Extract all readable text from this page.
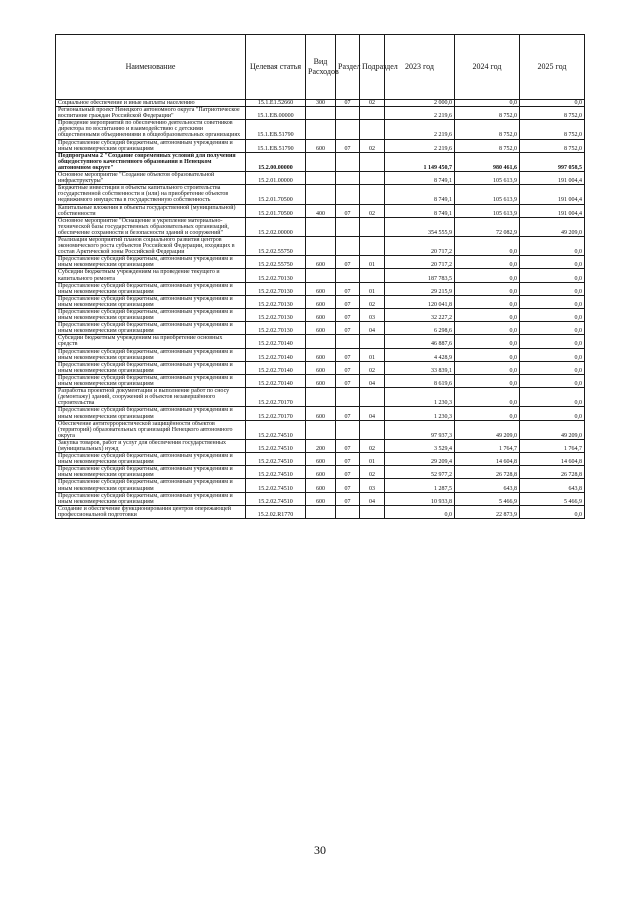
Наименование	Целевая статья	Вид Расходов	Раздел	Подраздел	2023 год	2024 год	2025 год
Социальное обеспечение и иные выплаты населению	15.1.Е1.52660	300	07	02	2 000,0	0,0	0,0
Региональный проект Ненецкого автономного округа "Патриотическое воспитание граждан Российской Федерации"	15.1.ЕВ.00000				2 219,6	8 752,0	8 752,0
Проведение мероприятий по обеспечению деятельности советников директора по воспитанию и взаимодействию с детскими общественными объединениями в общеобразовательных организациях	15.1.ЕВ.51790				2 219,6	8 752,0	8 752,0
Предоставление субсидий бюджетным, автономным учреждениям и иным некоммерческим организациям	15.1.ЕВ.51790	600	07	02	2 219,6	8 752,0	8 752,0
Подпрограмма 2 "Создание современных условий для получения общедоступного качественного образования в Ненецком автономном округе"	15.2.00.00000				1 149 450,7	980 461,6	997 058,5
Основное мероприятие "Создание объектов образовательной инфраструктуры"	15.2.01.00000				8 749,1	105 613,9	191 004,4
Бюджетные инвестиции в объекты капитального строительства государственной собственности и (или) на приобретение объектов недвижимого имущества в государственную собственность	15.2.01.70500				8 749,1	105 613,9	191 004,4
Капитальные вложения в объекты государственной (муниципальной) собственности	15.2.01.70500	400	07	02	8 749,1	105 613,9	191 004,4
Основное мероприятие "Оснащение и укрепление материально-технической базы государственных образовательных организаций, обеспечение сохранности и безопасности зданий и сооружений"	15.2.02.00000				354 555,9	72 082,9	49 209,0
Реализация мероприятий планов социального развития центров экономического роста субъектов Российской Федерации, входящих в состав Арктической зоны Российской Федерации	15.2.02.55750				20 717,2	0,0	0,0
Предоставление субсидий бюджетным, автономным учреждениям и иным некоммерческим организациям	15.2.02.55750	600	07	01	20 717,2	0,0	0,0
Субсидии бюджетным учреждениям на проведение текущего и капитального ремонта	15.2.02.70130				187 783,5	0,0	0,0
Предоставление субсидий бюджетным, автономным учреждениям и иным некоммерческим организациям	15.2.02.70130	600	07	01	29 215,9	0,0	0,0
Предоставление субсидий бюджетным, автономным учреждениям и иным некоммерческим организациям	15.2.02.70130	600	07	02	120 041,8	0,0	0,0
Предоставление субсидий бюджетным, автономным учреждениям и иным некоммерческим организациям	15.2.02.70130	600	07	03	32 227,2	0,0	0,0
Предоставление субсидий бюджетным, автономным учреждениям и иным некоммерческим организациям	15.2.02.70130	600	07	04	6 298,6	0,0	0,0
Субсидии бюджетным учреждениям на приобретение основных средств	15.2.02.70140				46 887,6	0,0	0,0
Предоставление субсидий бюджетным, автономным учреждениям и иным некоммерческим организациям	15.2.02.70140	600	07	01	4 428,9	0,0	0,0
Предоставление субсидий бюджетным, автономным учреждениям и иным некоммерческим организациям	15.2.02.70140	600	07	02	33 839,1	0,0	0,0
Предоставление субсидий бюджетным, автономным учреждениям и иным некоммерческим организациям	15.2.02.70140	600	07	04	8 619,6	0,0	0,0
Разработка проектной документации и выполнение работ по сносу (демонтажу) зданий, сооружений и объектов незавершённого строительства	15.2.02.70170				1 230,3	0,0	0,0
Предоставление субсидий бюджетным, автономным учреждениям и иным некоммерческим организациям	15.2.02.70170	600	07	04	1 230,3	0,0	0,0
Обеспечение антитеррористической защищённости объектов (территорий) образовательных организаций Ненецкого автономного округа	15.2.02.74510				97 937,3	49 209,0	49 209,0
Закупка товаров, работ и услуг для обеспечения государственных (муниципальных) нужд	15.2.02.74510	200	07	02	3 529,4	1 764,7	1 764,7
Предоставление субсидий бюджетным, автономным учреждениям и иным некоммерческим организациям	15.2.02.74510	600	07	01	29 209,4	14 604,8	14 604,8
Предоставление субсидий бюджетным, автономным учреждениям и иным некоммерческим организациям	15.2.02.74510	600	07	02	52 977,2	26 728,8	26 728,8
Предоставление субсидий бюджетным, автономным учреждениям и иным некоммерческим организациям	15.2.02.74510	600	07	03	1 287,5	643,8	643,8
Предоставление субсидий бюджетным, автономным учреждениям и иным некоммерческим организациям	15.2.02.74510	600	07	04	10 933,8	5 466,9	5 466,9
Создание и обеспечение функционирования центров опережающей профессиональной подготовки	15.2.02.R1770				0,0	22 873,9	0,0
30
